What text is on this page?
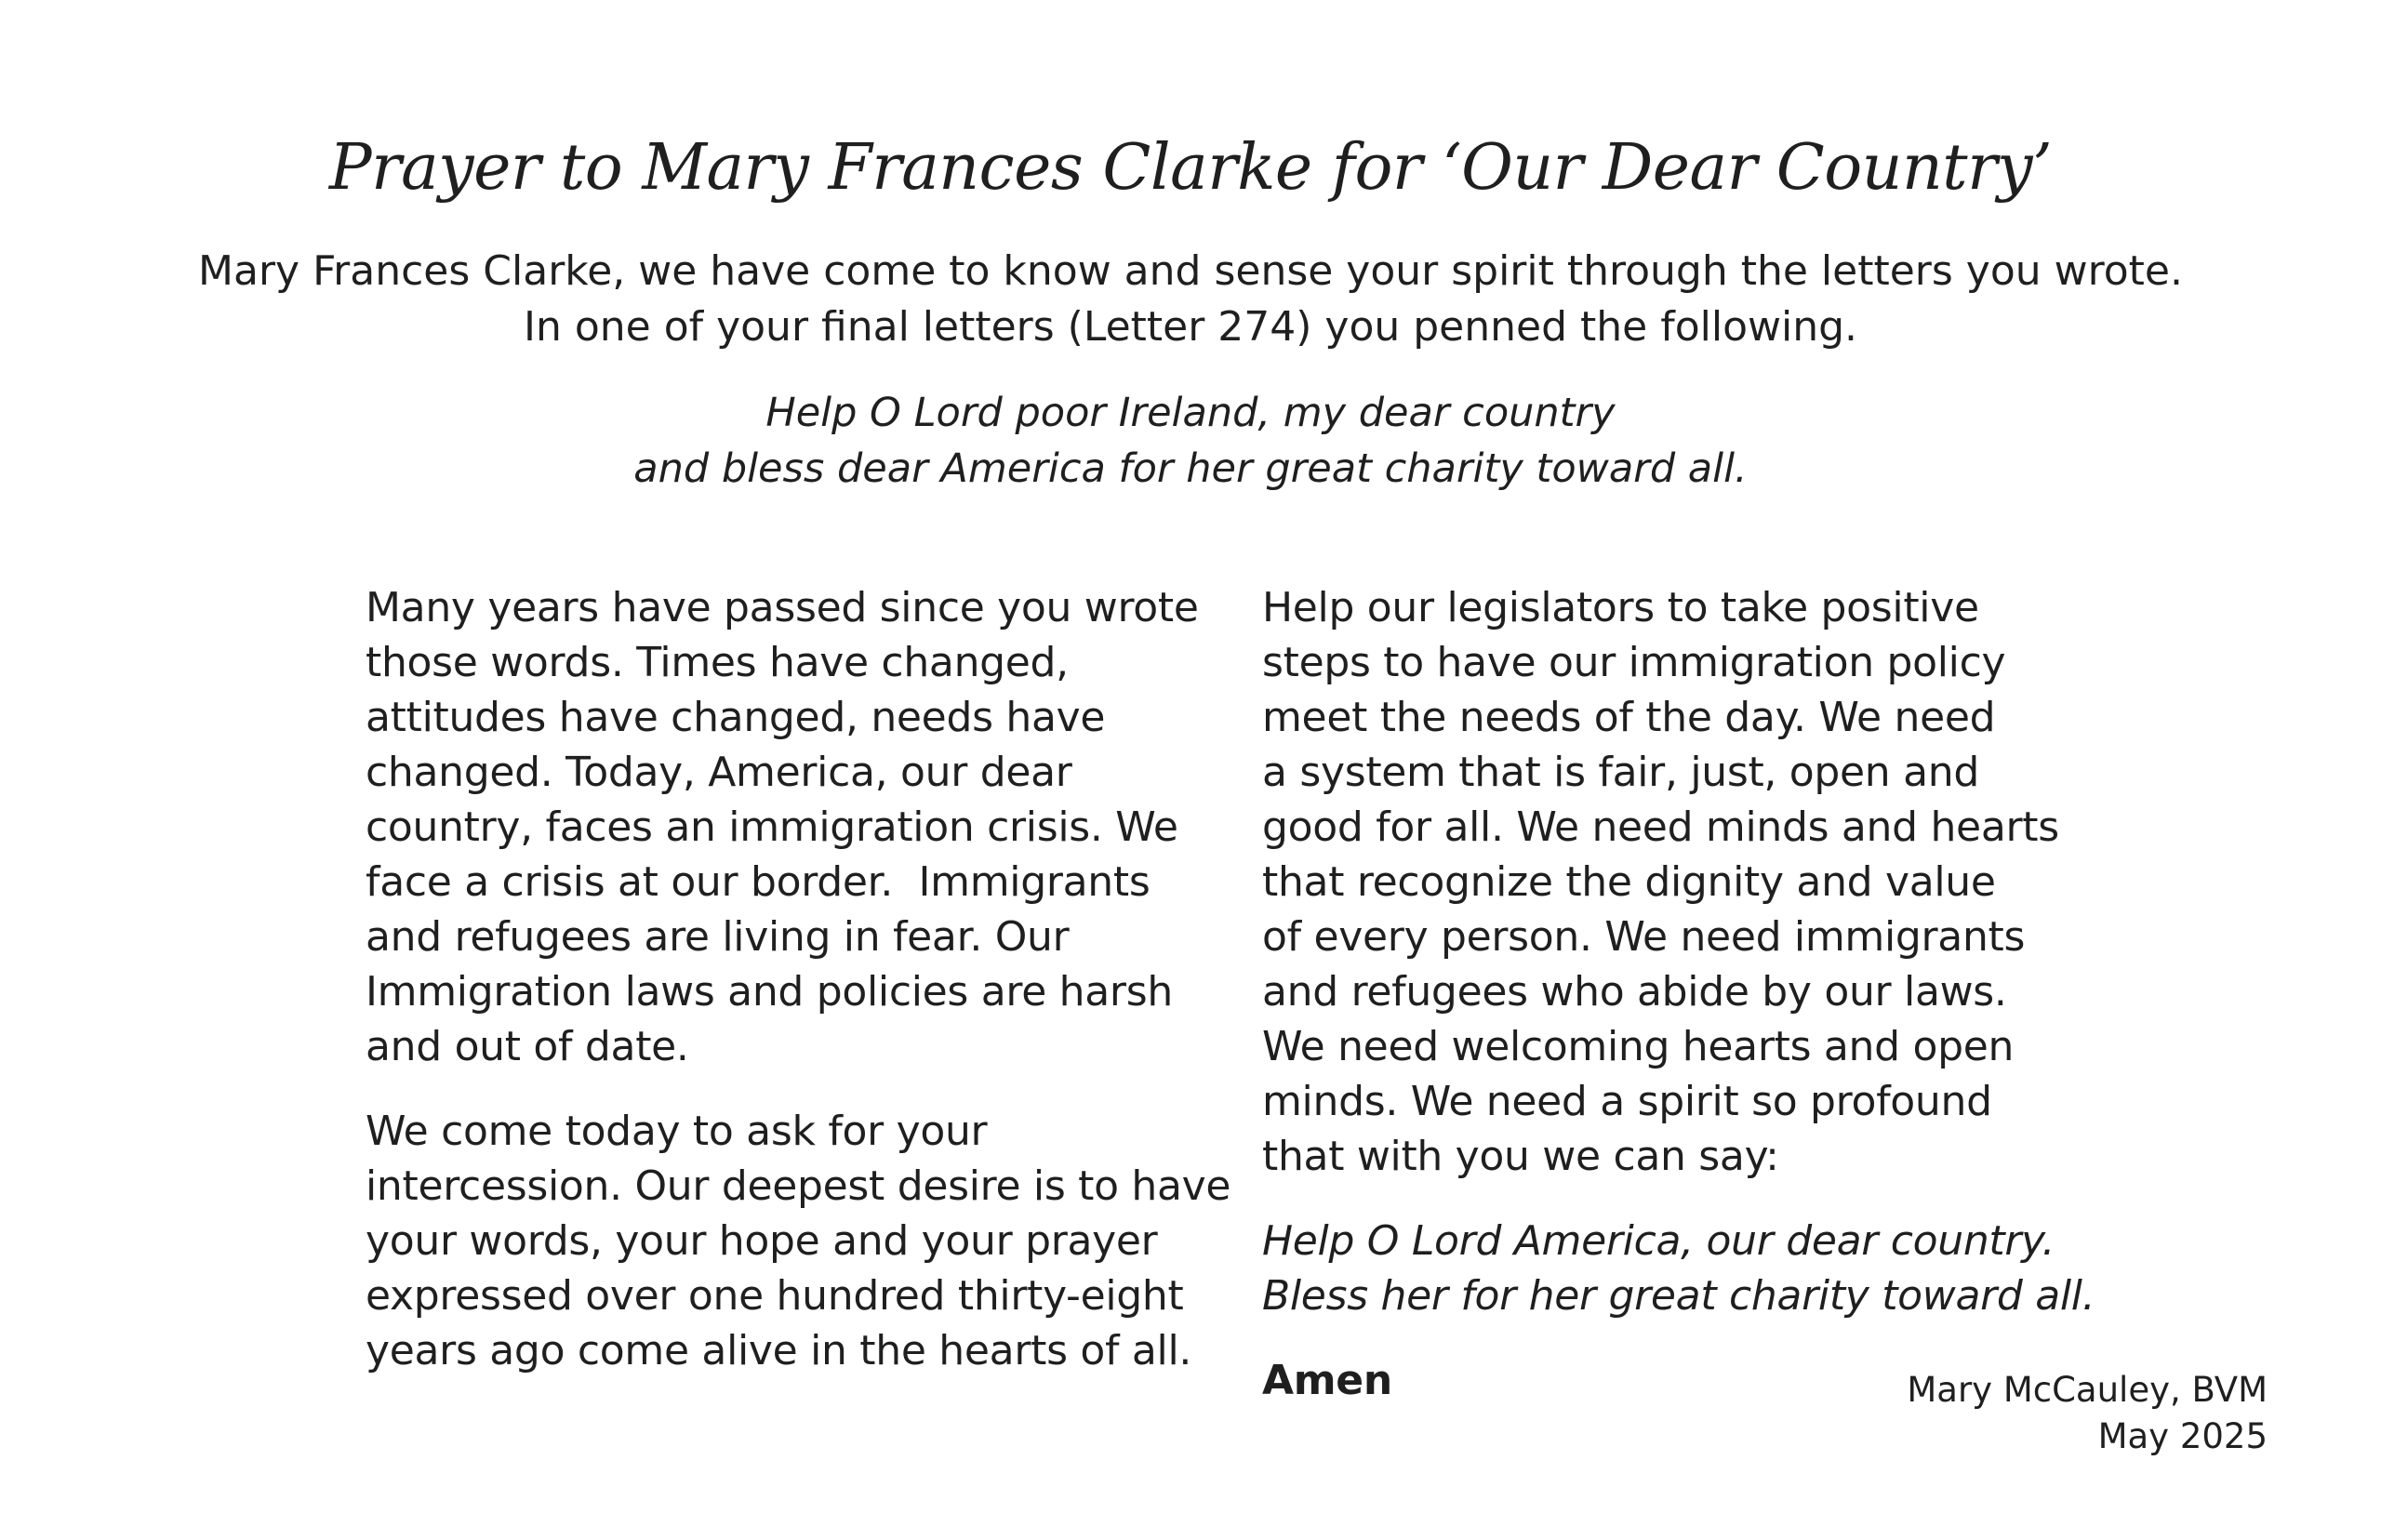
Prayer to Mary Frances Clarke for ‘Our Dear Country’
Mary Frances Clarke, we have come to know and sense your spirit through the letters you wrote.
In one of your final letters (Letter 274) you penned the following.
Help O Lord poor Ireland, my dear country
and bless dear America for her great charity toward all.

Many years have passed since you wrote
those words. Times have changed,
attitudes have changed, needs have
changed. Today, America, our dear
country, faces an immigration crisis. We
face a crisis at our border.  Immigrants
and refugees are living in fear. Our
Immigration laws and policies are harsh
and out of date.

We come today to ask for your
intercession. Our deepest desire is to have
your words, your hope and your prayer
expressed over one hundred thirty-eight
years ago come alive in the hearts of all.

Help our legislators to take positive
steps to have our immigration policy
meet the needs of the day. We need
a system that is fair, just, open and
good for all. We need minds and hearts
that recognize the dignity and value
of every person. We need immigrants
and refugees who abide by our laws.
We need welcoming hearts and open
minds. We need a spirit so profound
that with you we can say:

Help O Lord America, our dear country.
Bless her for her great charity toward all.

Amen	Mary McCauley, BVM
May 2025
